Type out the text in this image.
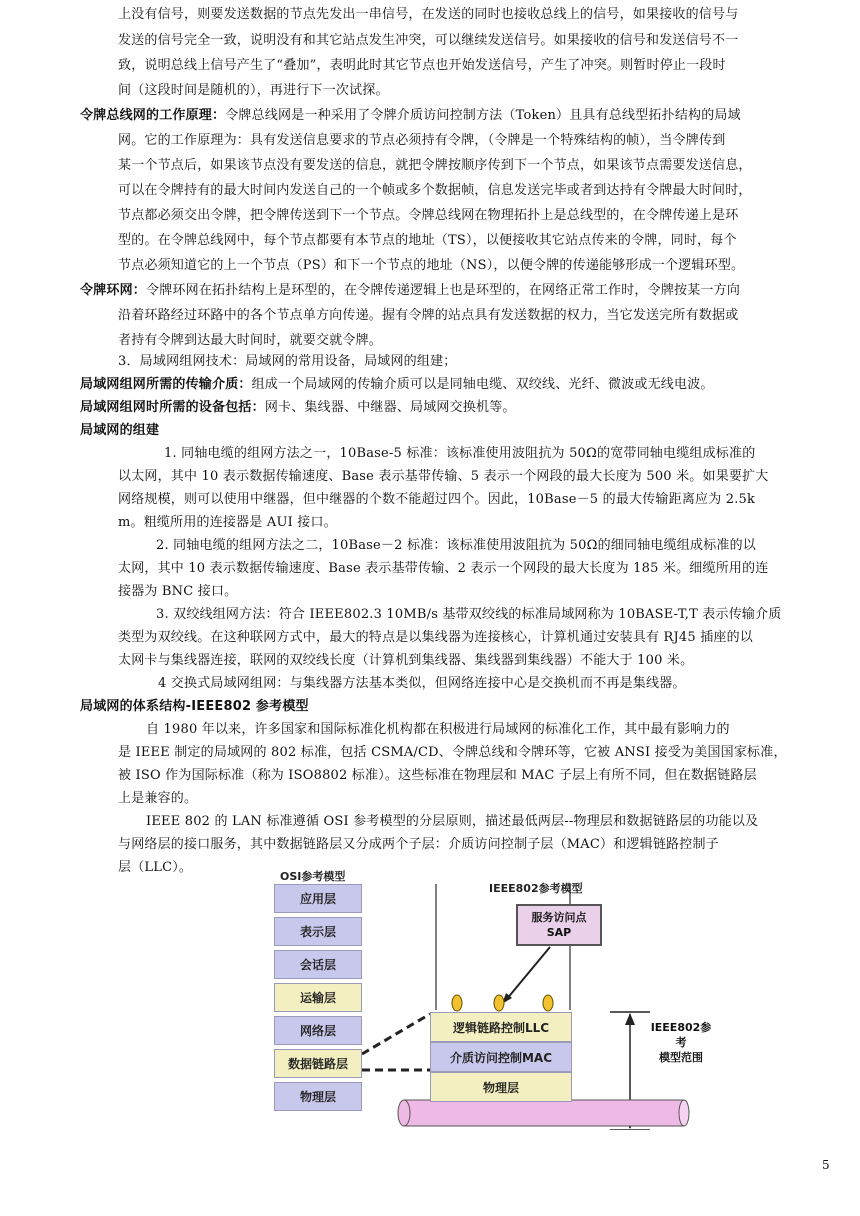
上没有信号，则要发送数据的节点先发出一串信号，在发送的同时也接收总线上的信号，如果接收的信号与
发送的信号完全一致，说明没有和其它站点发生冲突，可以继续发送信号。如果接收的信号和发送信号不一
致，说明总线上信号产生了“叠加”，表明此时其它节点也开始发送信号，产生了冲突。则暂时停止一段时
间（这段时间是随机的），再进行下一次试探。
令牌总线网的工作原理：令牌总线网是一种采用了令牌介质访问控制方法（Token）且具有总线型拓扑结构的局域
网。它的工作原理为：具有发送信息要求的节点必须持有令牌，（令牌是一个特殊结构的帧），当令牌传到
某一个节点后，如果该节点没有要发送的信息，就把令牌按顺序传到下一个节点，如果该节点需要发送信息，
可以在令牌持有的最大时间内发送自己的一个帧或多个数据帧，信息发送完毕或者到达持有令牌最大时间时，
节点都必须交出令牌，把令牌传送到下一个节点。令牌总线网在物理拓扑上是总线型的，在令牌传递上是环
型的。在令牌总线网中，每个节点都要有本节点的地址（TS），以便接收其它站点传来的令牌，同时，每个
节点必须知道它的上一个节点（PS）和下一个节点的地址（NS），以便令牌的传递能够形成一个逻辑环型。
令牌环网：令牌环网在拓扑结构上是环型的，在令牌传递逻辑上也是环型的，在网络正常工作时，令牌按某一方向
沿着环路经过环路中的各个节点单方向传递。握有令牌的站点具有发送数据的权力，当它发送完所有数据或
者持有令牌到达最大时间时，就要交就令牌。
3．局域网组网技术：局域网的常用设备，局域网的组建；
局域网组网所需的传输介质：组成一个局域网的传输介质可以是同轴电缆、双绞线、光纤、微波或无线电波。
局域网组网时所需的设备包括：网卡、集线器、中继器、局域网交换机等。
局域网的组建
1. 同轴电缆的组网方法之一，10Base-5 标准：该标准使用波阻抗为 50Ω的宽带同轴电缆组成标准的
以太网，其中 10 表示数据传输速度、Base 表示基带传输、5 表示一个网段的最大长度为 500 米。如果要扩大
网络规模，则可以使用中继器，但中继器的个数不能超过四个。因此，10Base－5 的最大传输距离应为 2.5k
m。粗缆所用的连接器是 AUI 接口。
2. 同轴电缆的组网方法之二，10Base－2 标准：该标准使用波阻抗为 50Ω的细同轴电缆组成标准的以
太网，其中 10 表示数据传输速度、Base 表示基带传输、2 表示一个网段的最大长度为 185 米。细缆所用的连
接器为 BNC 接口。
3. 双绞线组网方法：符合 IEEE802.3 10MB/s 基带双绞线的标准局域网称为 10BASE-T,T 表示传输介质
类型为双绞线。在这种联网方式中，最大的特点是以集线器为连接核心，计算机通过安装具有 RJ45 插座的以
太网卡与集线器连接，联网的双绞线长度（计算机到集线器、集线器到集线器）不能大于 100 米。
4 交换式局域网组网：与集线器方法基本类似，但网络连接中心是交换机而不再是集线器。
局域网的体系结构-IEEE802 参考模型
自 1980 年以来，许多国家和国际标准化机构都在积极进行局域网的标准化工作，其中最有影响力的
是 IEEE 制定的局域网的 802 标准，包括 CSMA/CD、令牌总线和令牌环等，它被 ANSI 接受为美国国家标准，
被 ISO 作为国际标准（称为 ISO8802 标准）。这些标准在物理层和 MAC 子层上有所不同，但在数据链路层
上是兼容的。
IEEE 802 的 LAN 标准遵循 OSI 参考模型的分层原则，描述最低两层--物理层和数据链路层的功能以及
与网络层的接口服务，其中数据链路层又分成两个子层：介质访问控制子层（MAC）和逻辑链路控制子
层（LLC）。
OSI参考模型
应用层
表示层
会话层
运输层
网络层
数据链路层
物理层
IEEE802参考模型
服务访问点
SAP
逻辑链路控制LLC
介质访问控制MAC
物理层
IEEE802参考
模型范围
5
